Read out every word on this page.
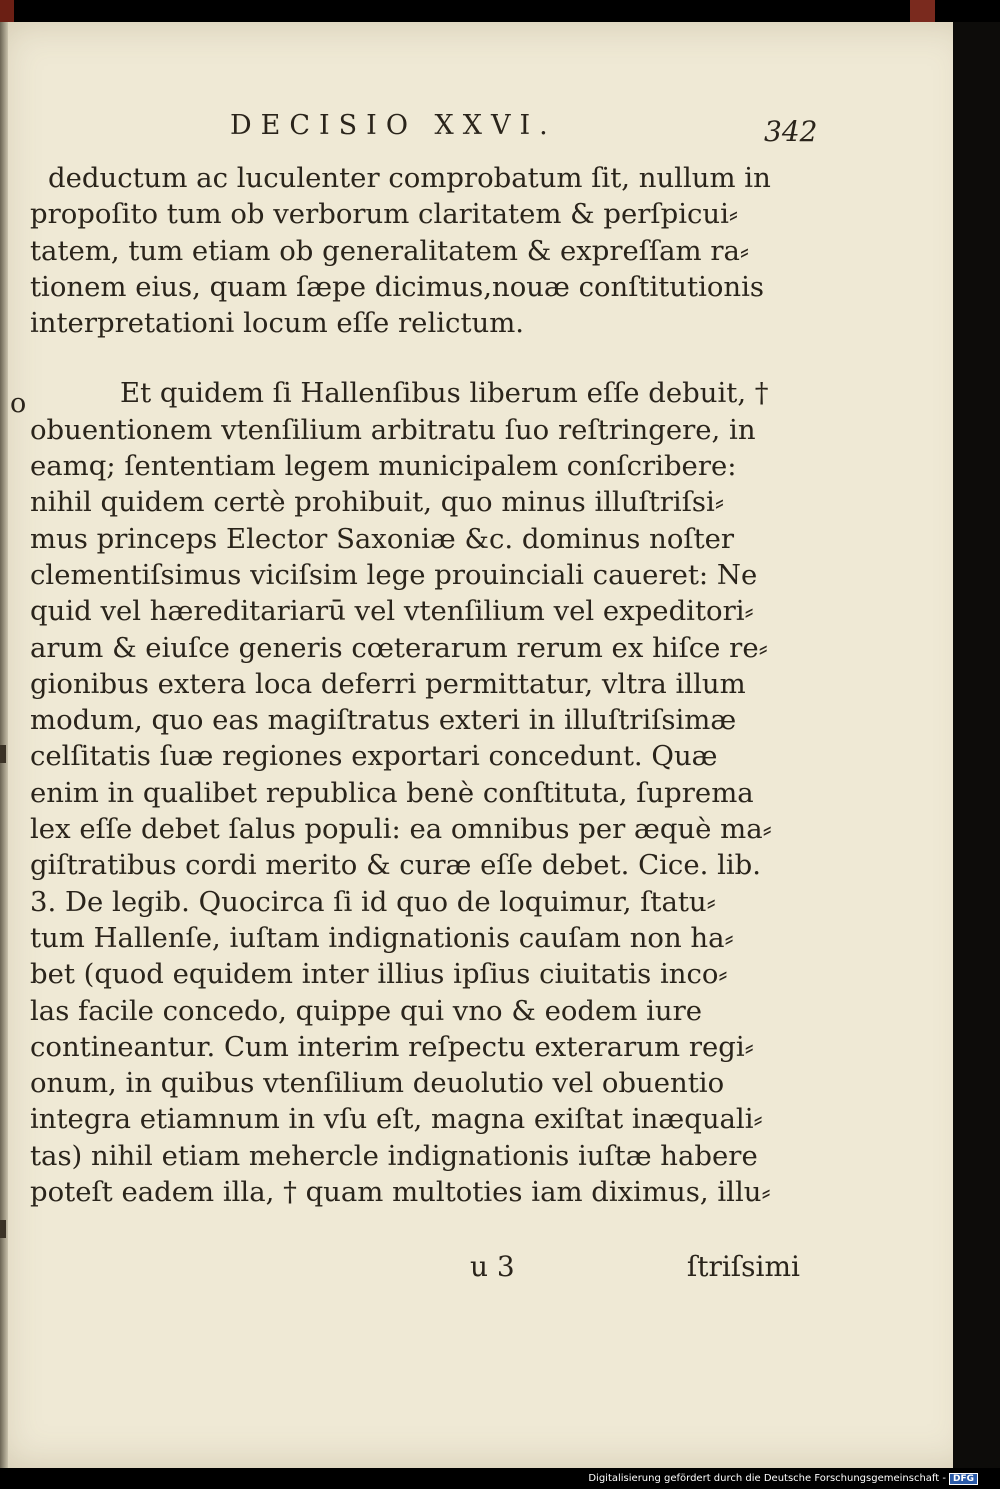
DECISIO XXVI.	342
o
deductum ac luculenter comprobatum ſit, nullum in
propoſito tum ob verborum claritatem & perſpicui⸗
tatem, tum etiam ob generalitatem & expreſſam ra⸗
tionem eius, quam ſæpe dicimus,nouæ conſtitutionis
interpretationi locum eſſe relictum.
Et quidem ſi Hallenſibus liberum eſſe debuit, †
obuentionem vtenſilium arbitratu ſuo reſtringere, in
eamq; ſententiam legem municipalem conſcribere:
nihil quidem certè prohibuit, quo minus illuſtriſsi⸗
mus princeps Elector Saxoniæ &c. dominus noſter
clementiſsimus viciſsim lege prouinciali caueret: Ne
quid vel hæreditariarū vel vtenſilium vel expeditori⸗
arum & eiuſce generis cœterarum rerum ex hiſce re⸗
gionibus extera loca deferri permittatur, vltra illum
modum, quo eas magiſtratus exteri in illuſtriſsimæ
celſitatis ſuæ regiones exportari concedunt. Quæ
enim in qualibet republica benè conſtituta, ſuprema
lex eſſe debet ſalus populi: ea omnibus per æquè ma⸗
giſtratibus cordi merito & curæ eſſe debet. Cice. lib.
3. De legib. Quocirca ſi id quo de loquimur, ſtatu⸗
tum Hallenſe, iuſtam indignationis cauſam non ha⸗
bet (quod equidem inter illius ipſius ciuitatis inco⸗
las facile concedo, quippe qui vno & eodem iure
contineantur. Cum interim reſpectu exterarum regi⸗
onum, in quibus vtenſilium deuolutio vel obuentio
integra etiamnum in vſu eſt, magna exiſtat inæquali⸗
tas) nihil etiam mehercle indignationis iuſtæ habere
poteſt eadem illa, † quam multoties iam diximus, illu⸗
u 3	ſtriſsimi
Digitalisierung gefördert durch die Deutsche Forschungsgemeinschaft - DFG
